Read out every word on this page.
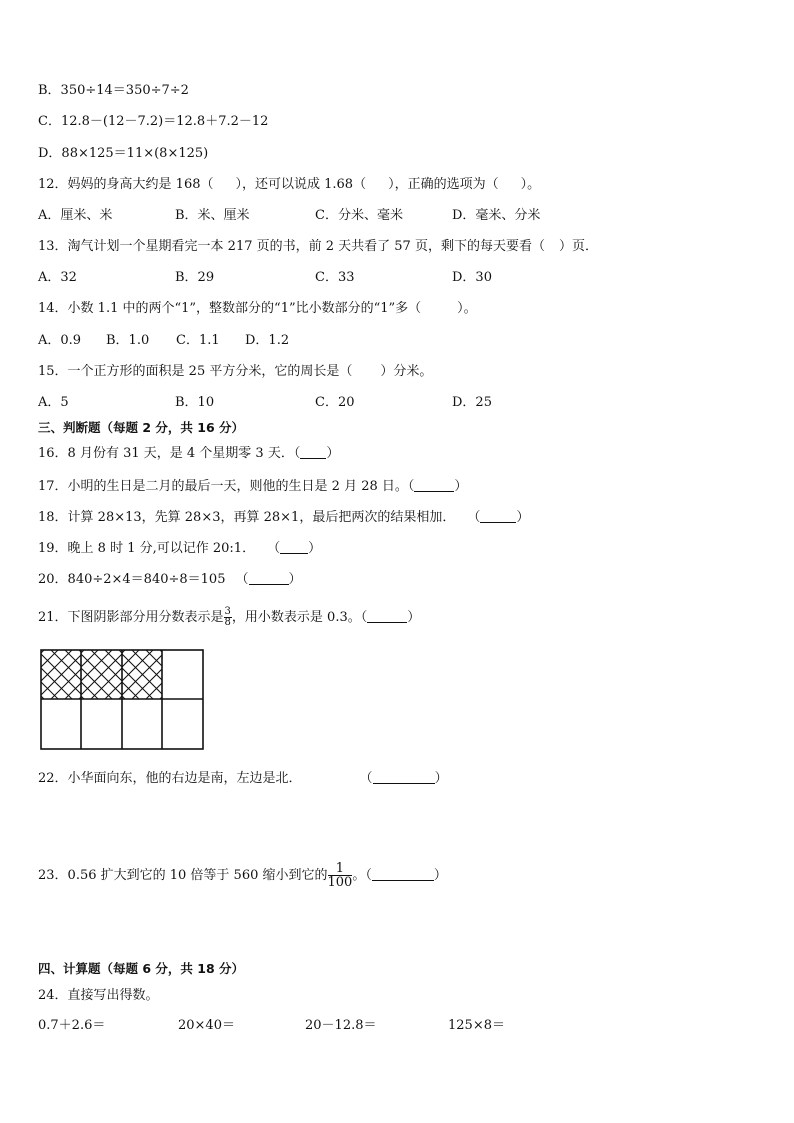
B．350÷14＝350÷7÷2
C．12.8－(12－7.2)＝12.8＋7.2－12
D．88×125＝11×(8×125)
12．妈妈的身高大约是 168（ ），还可以说成 1.68（ ），正确的选项为（ ）。
A．厘米、米	B．米、厘米	C．分米、毫米	D．毫米、分米
13．淘气计划一个星期看完一本 217 页的书，前 2 天共看了 57 页，剩下的每天要看（ ）页．
A．32	B．29	C．33	D．30
14．小数 1.1 中的两个“1”，整数部分的“1”比小数部分的“1”多（	）。
A．0.9 B．1.0 C．1.1 D．1.2
15．一个正方形的面积是 25 平方分米，它的周长是（ ）分米。
A．5	B．10	C．20	D．25
三、判断题（每题 2 分，共 16 分）
16．8 月份有 31 天，是 4 个星期零 3 天．（ ）
17．小明的生日是二月的最后一天，则他的生日是 2 月 28 日。（	）
18．计算 28×13，先算 28×3，再算 28×1，最后把两次的结果相加． （	）
19．晚上 8 时 1 分,可以记作 20:1． （ ）
20．840÷2×4＝840÷8＝105 （	）
21．下图阴影部分用分数表示是 $\frac{3}{8}$ ，用小数表示是 0.3。（	）
22．小华面向东，他的右边是南，左边是北．	（	）
23．0.56 扩大到它的 10 倍等于 560 缩小到它的 $\frac{1}{100}$ 。（	）
四、计算题（每题 6 分，共 18 分）
24．直接写出得数。
0.7＋2.6＝	20×40＝	20－12.8＝	125×8＝
